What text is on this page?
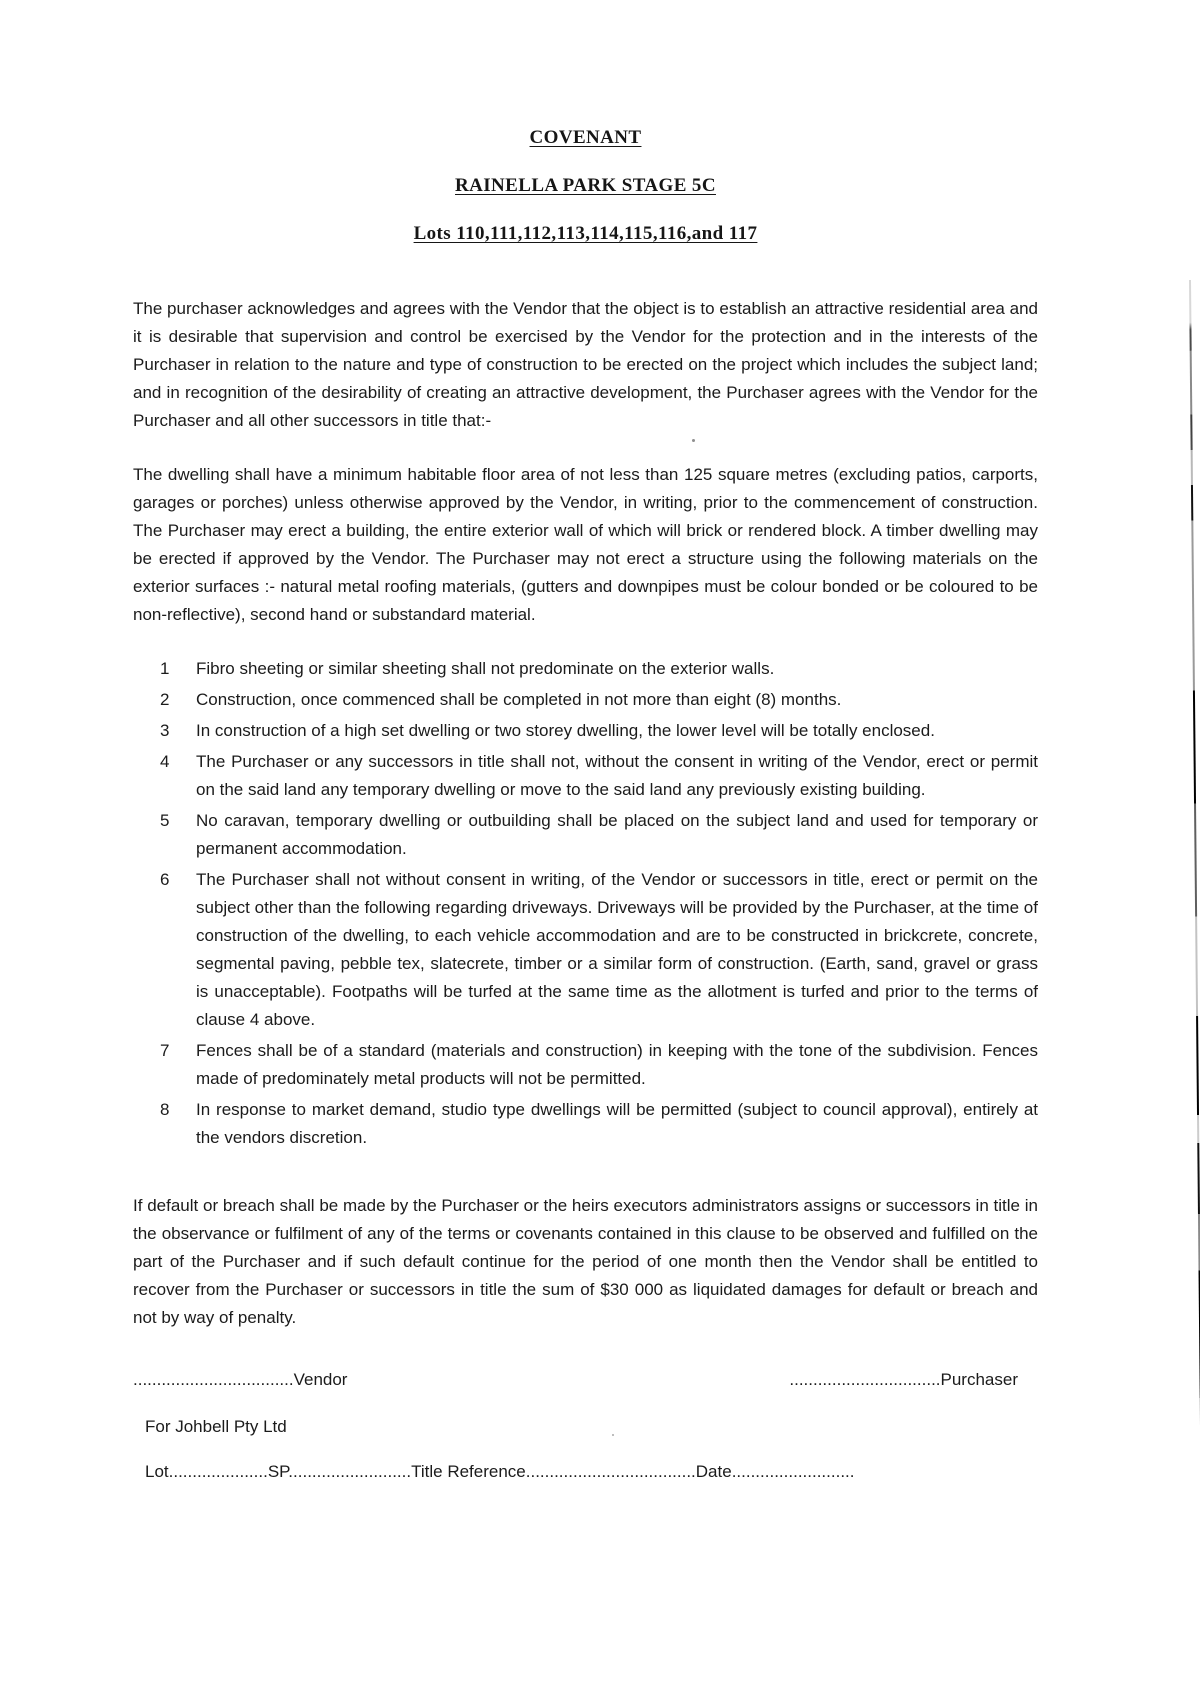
COVENANT
RAINELLA PARK STAGE 5C
Lots 110,111,112,113,114,115,116,and 117

The purchaser acknowledges and agrees with the Vendor that the object is to establish an attractive residential area and it is desirable that supervision and control be exercised by the Vendor for the protection and in the interests of the Purchaser in relation to the nature and type of construction to be erected on the project which includes the subject land; and in recognition of the desirability of creating an attractive development, the Purchaser agrees with the Vendor for the Purchaser and all other successors in title that:-

The dwelling shall have a minimum habitable floor area of not less than 125 square metres (excluding patios, carports, garages or porches) unless otherwise approved by the Vendor, in writing, prior to the commencement of construction. The Purchaser may erect a building, the entire exterior wall of which will brick or rendered block. A timber dwelling may be erected if approved by the Vendor. The Purchaser may not erect a structure using the following materials on the exterior surfaces :- natural metal roofing materials, (gutters and downpipes must be colour bonded or be coloured to be non-reflective), second hand or substandard material.

1	Fibro sheeting or similar sheeting shall not predominate on the exterior walls.
2	Construction, once commenced shall be completed in not more than eight (8) months.
3	In construction of a high set dwelling or two storey dwelling, the lower level will be totally enclosed.
4	The Purchaser or any successors in title shall not, without the consent in writing of the Vendor, erect or permit on the said land any temporary dwelling or move to the said land any previously existing building.
5	No caravan, temporary dwelling or outbuilding shall be placed on the subject land and used for temporary or permanent accommodation.
6	The Purchaser shall not without consent in writing, of the Vendor or successors in title, erect or permit on the subject other than the following regarding driveways. Driveways will be provided by the Purchaser, at the time of construction of the dwelling, to each vehicle accommodation and are to be constructed in brickcrete, concrete, segmental paving, pebble tex, slatecrete, timber or a similar form of construction. (Earth, sand, gravel or grass is unacceptable). Footpaths will be turfed at the same time as the allotment is turfed and prior to the terms of clause 4 above.
7	Fences shall be of a standard (materials and construction) in keeping with the tone of the subdivision. Fences made of predominately metal products will not be permitted.
8	In response to market demand, studio type dwellings will be permitted (subject to council approval), entirely at the vendors discretion.

If default or breach shall be made by the Purchaser or the heirs executors administrators assigns or successors in title in the observance or fulfilment of any of the terms or covenants contained in this clause to be observed and fulfilled on the part of the Purchaser and if such default continue for the period of one month then the Vendor shall be entitled to recover from the Purchaser or successors in title the sum of $30 000 as liquidated damages for default or breach and not by way of penalty.

..................................Vendor	................................Purchaser
For Johbell Pty Ltd
Lot.....................SP..........................Title Reference....................................Date..........................
